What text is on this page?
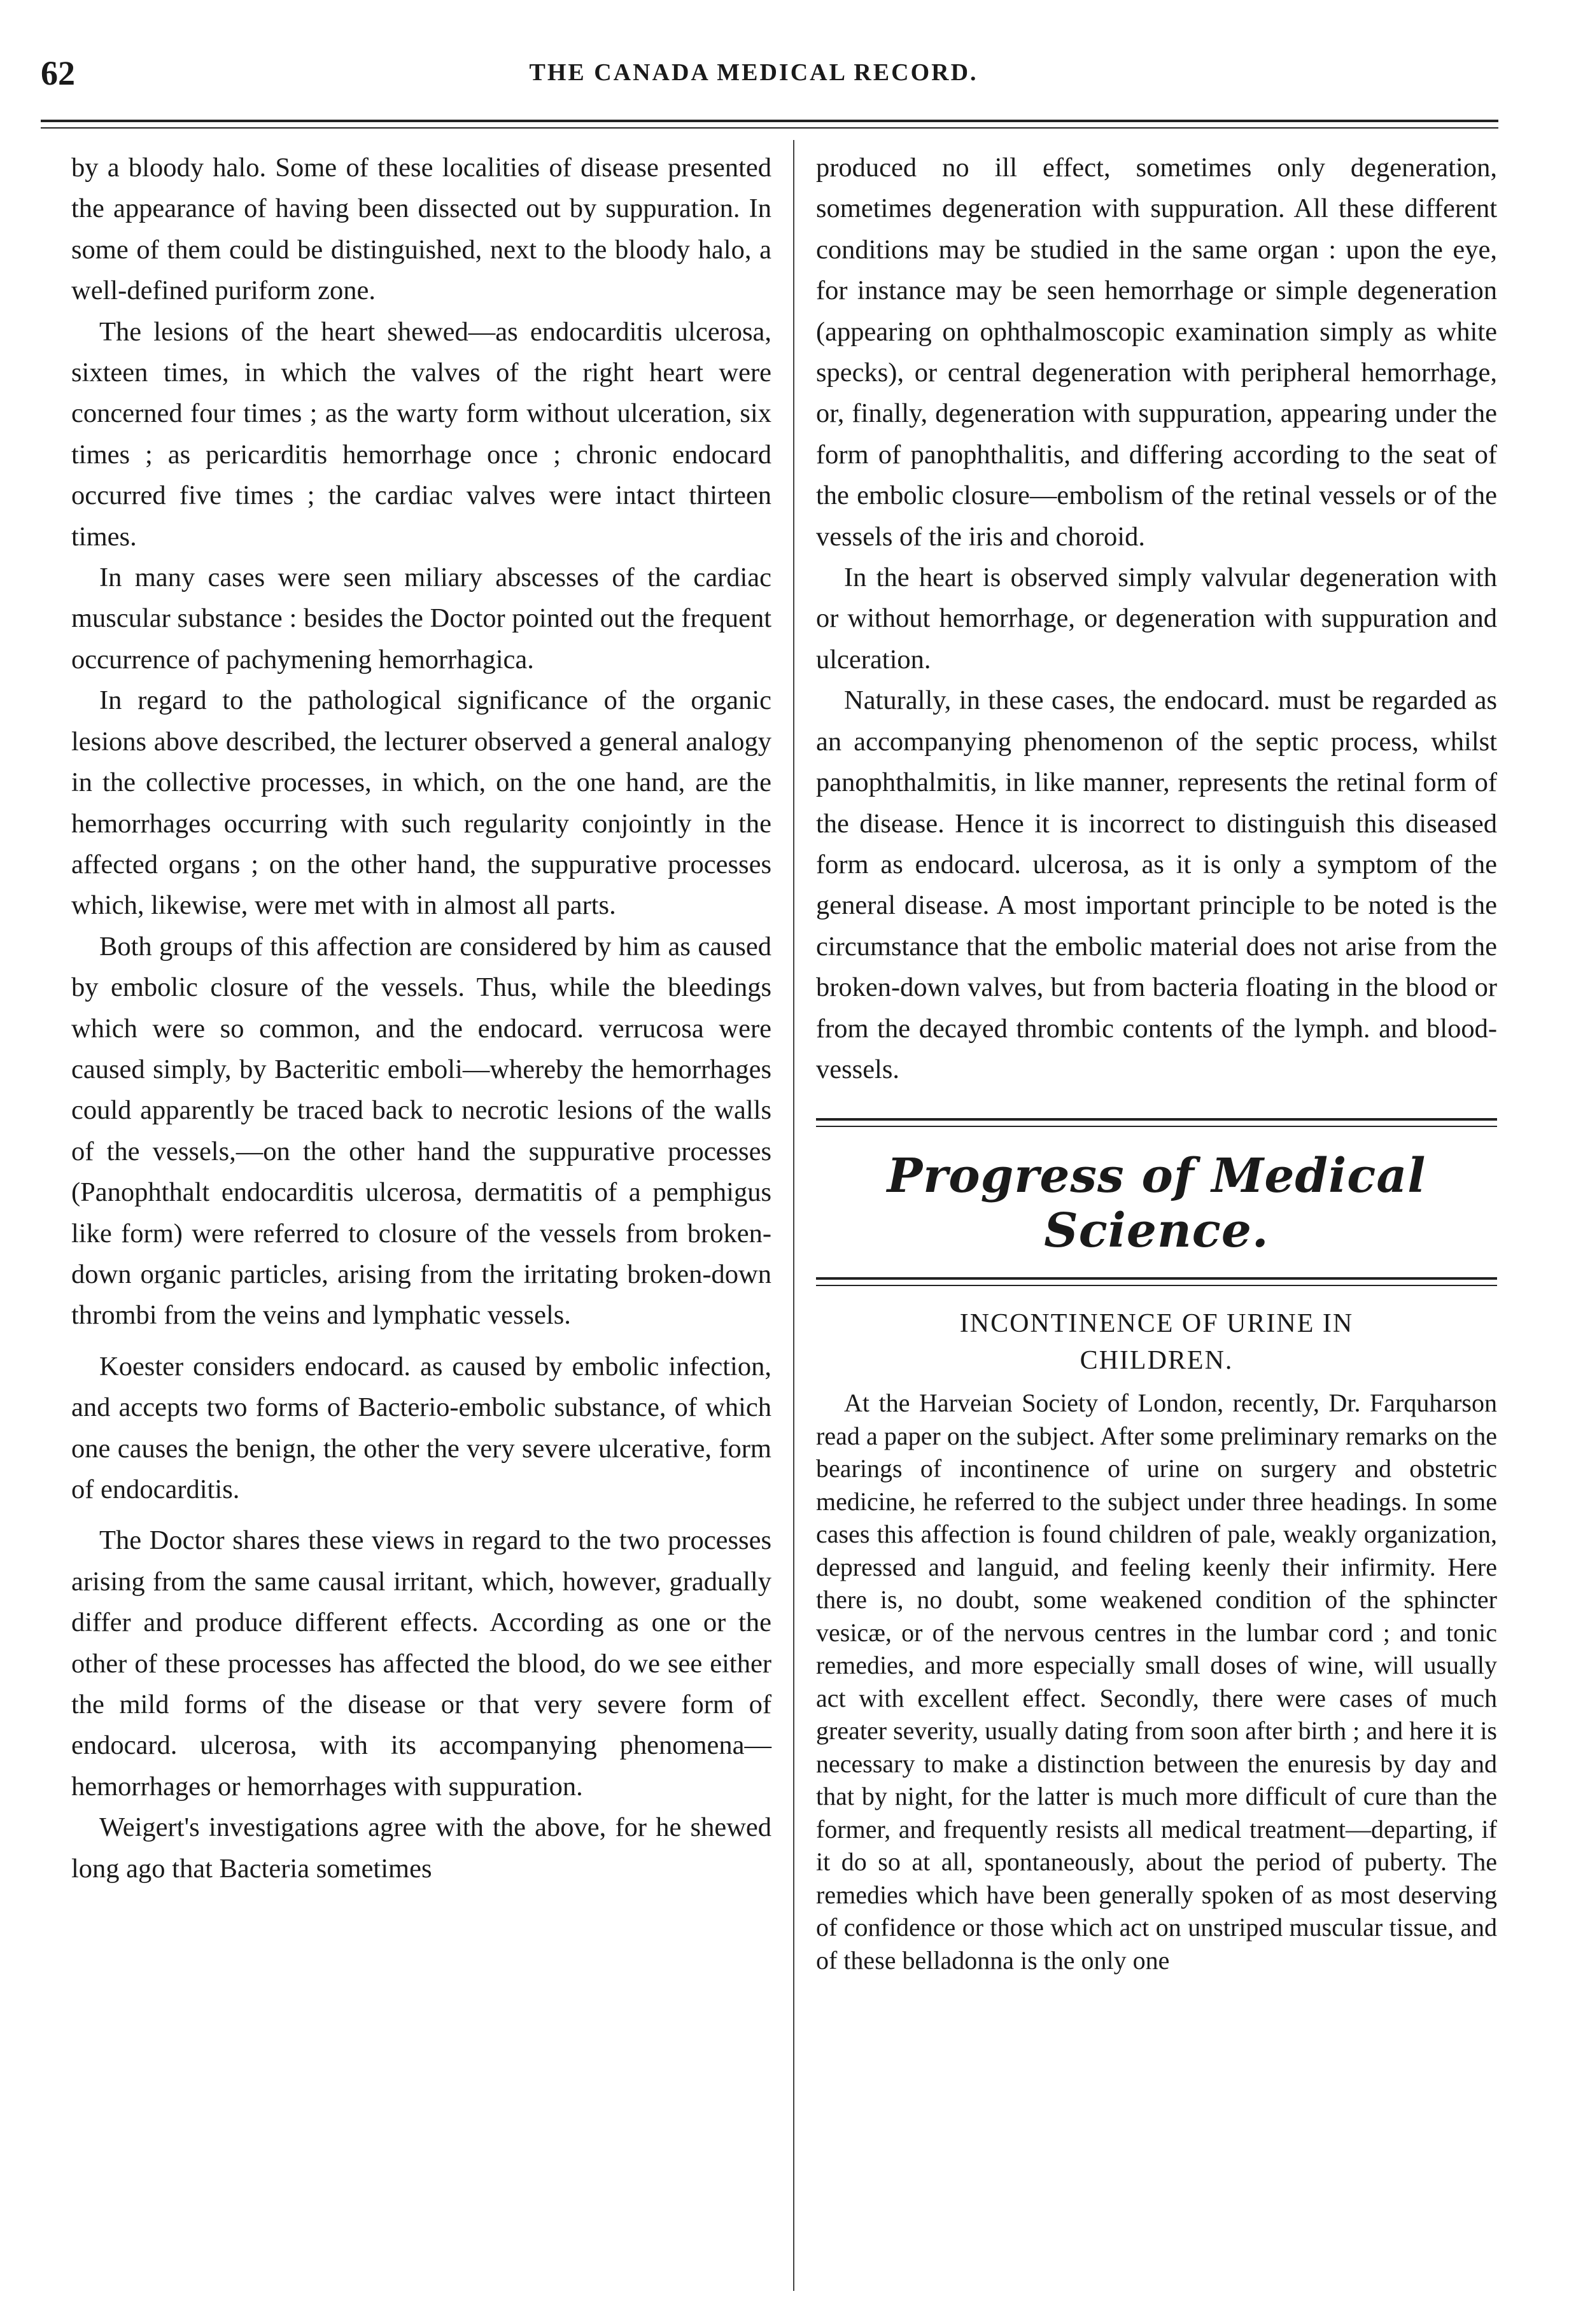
62	THE CANADA MEDICAL RECORD.

by a bloody halo. Some of these localities of disease presented the appearance of having been dissected out by suppuration. In some of them could be distinguished, next to the bloody halo, a well-defined puriform zone.

The lesions of the heart shewed—as endocarditis ulcerosa, sixteen times, in which the valves of the right heart were concerned four times ; as the warty form without ulceration, six times ; as pericarditis hemorrhage once ; chronic endocard occurred five times ; the cardiac valves were intact thirteen times.

In many cases were seen miliary abscesses of the cardiac muscular substance : besides the Doctor pointed out the frequent occurrence of pachymening hemorrhagica.

In regard to the pathological significance of the organic lesions above described, the lecturer observed a general analogy in the collective processes, in which, on the one hand, are the hemorrhages occurring with such regularity conjointly in the affected organs ; on the other hand, the suppurative processes which, likewise, were met with in almost all parts.

Both groups of this affection are considered by him as caused by embolic closure of the vessels. Thus, while the bleedings which were so common, and the endocard. verrucosa were caused simply, by Bacteritic emboli—whereby the hemorrhages could apparently be traced back to necrotic lesions of the walls of the vessels,—on the other hand the suppurative processes (Panophthalt endocarditis ulcerosa, dermatitis of a pemphigus like form) were referred to closure of the vessels from broken-down organic particles, arising from the irritating broken-down thrombi from the veins and lymphatic vessels.

Koester considers endocard. as caused by embolic infection, and accepts two forms of Bacterio-embolic substance, of which one causes the benign, the other the very severe ulcerative, form of endocarditis.

The Doctor shares these views in regard to the two processes arising from the same causal irritant, which, however, gradually differ and produce different effects. According as one or the other of these processes has affected the blood, do we see either the mild forms of the disease or that very severe form of endocard. ulcerosa, with its accompanying phenomena—hemorrhages or hemorrhages with suppuration.

Weigert's investigations agree with the above, for he shewed long ago that Bacteria sometimes

produced no ill effect, sometimes only degeneration, sometimes degeneration with suppuration. All these different conditions may be studied in the same organ : upon the eye, for instance may be seen hemorrhage or simple degeneration (appearing on ophthalmoscopic examination simply as white specks), or central degeneration with peripheral hemorrhage, or, finally, degeneration with suppuration, appearing under the form of panophthalitis, and differing according to the seat of the embolic closure—embolism of the retinal vessels or of the vessels of the iris and choroid.

In the heart is observed simply valvular degeneration with or without hemorrhage, or degeneration with suppuration and ulceration.

Naturally, in these cases, the endocard. must be regarded as an accompanying phenomenon of the septic process, whilst panophthalmitis, in like manner, represents the retinal form of the disease. Hence it is incorrect to distinguish this diseased form as endocard. ulcerosa, as it is only a symptom of the general disease. A most important principle to be noted is the circumstance that the embolic material does not arise from the broken-down valves, but from bacteria floating in the blood or from the decayed thrombic contents of the lymph. and blood-vessels.

Progress of Medical Science.
INCONTINENCE OF URINE IN
CHILDREN.

At the Harveian Society of London, recently, Dr. Farquharson read a paper on the subject. After some preliminary remarks on the bearings of incontinence of urine on surgery and obstetric medicine, he referred to the subject under three headings. In some cases this affection is found children of pale, weakly organization, depressed and languid, and feeling keenly their infirmity. Here there is, no doubt, some weakened condition of the sphincter vesicæ, or of the nervous centres in the lumbar cord ; and tonic remedies, and more especially small doses of wine, will usually act with excellent effect. Secondly, there were cases of much greater severity, usually dating from soon after birth ; and here it is necessary to make a distinction between the enuresis by day and that by night, for the latter is much more difficult of cure than the former, and frequently resists all medical treatment—departing, if it do so at all, spontaneously, about the period of puberty. The remedies which have been generally spoken of as most deserving of confidence or those which act on unstriped muscular tissue, and of these belladonna is the only one
